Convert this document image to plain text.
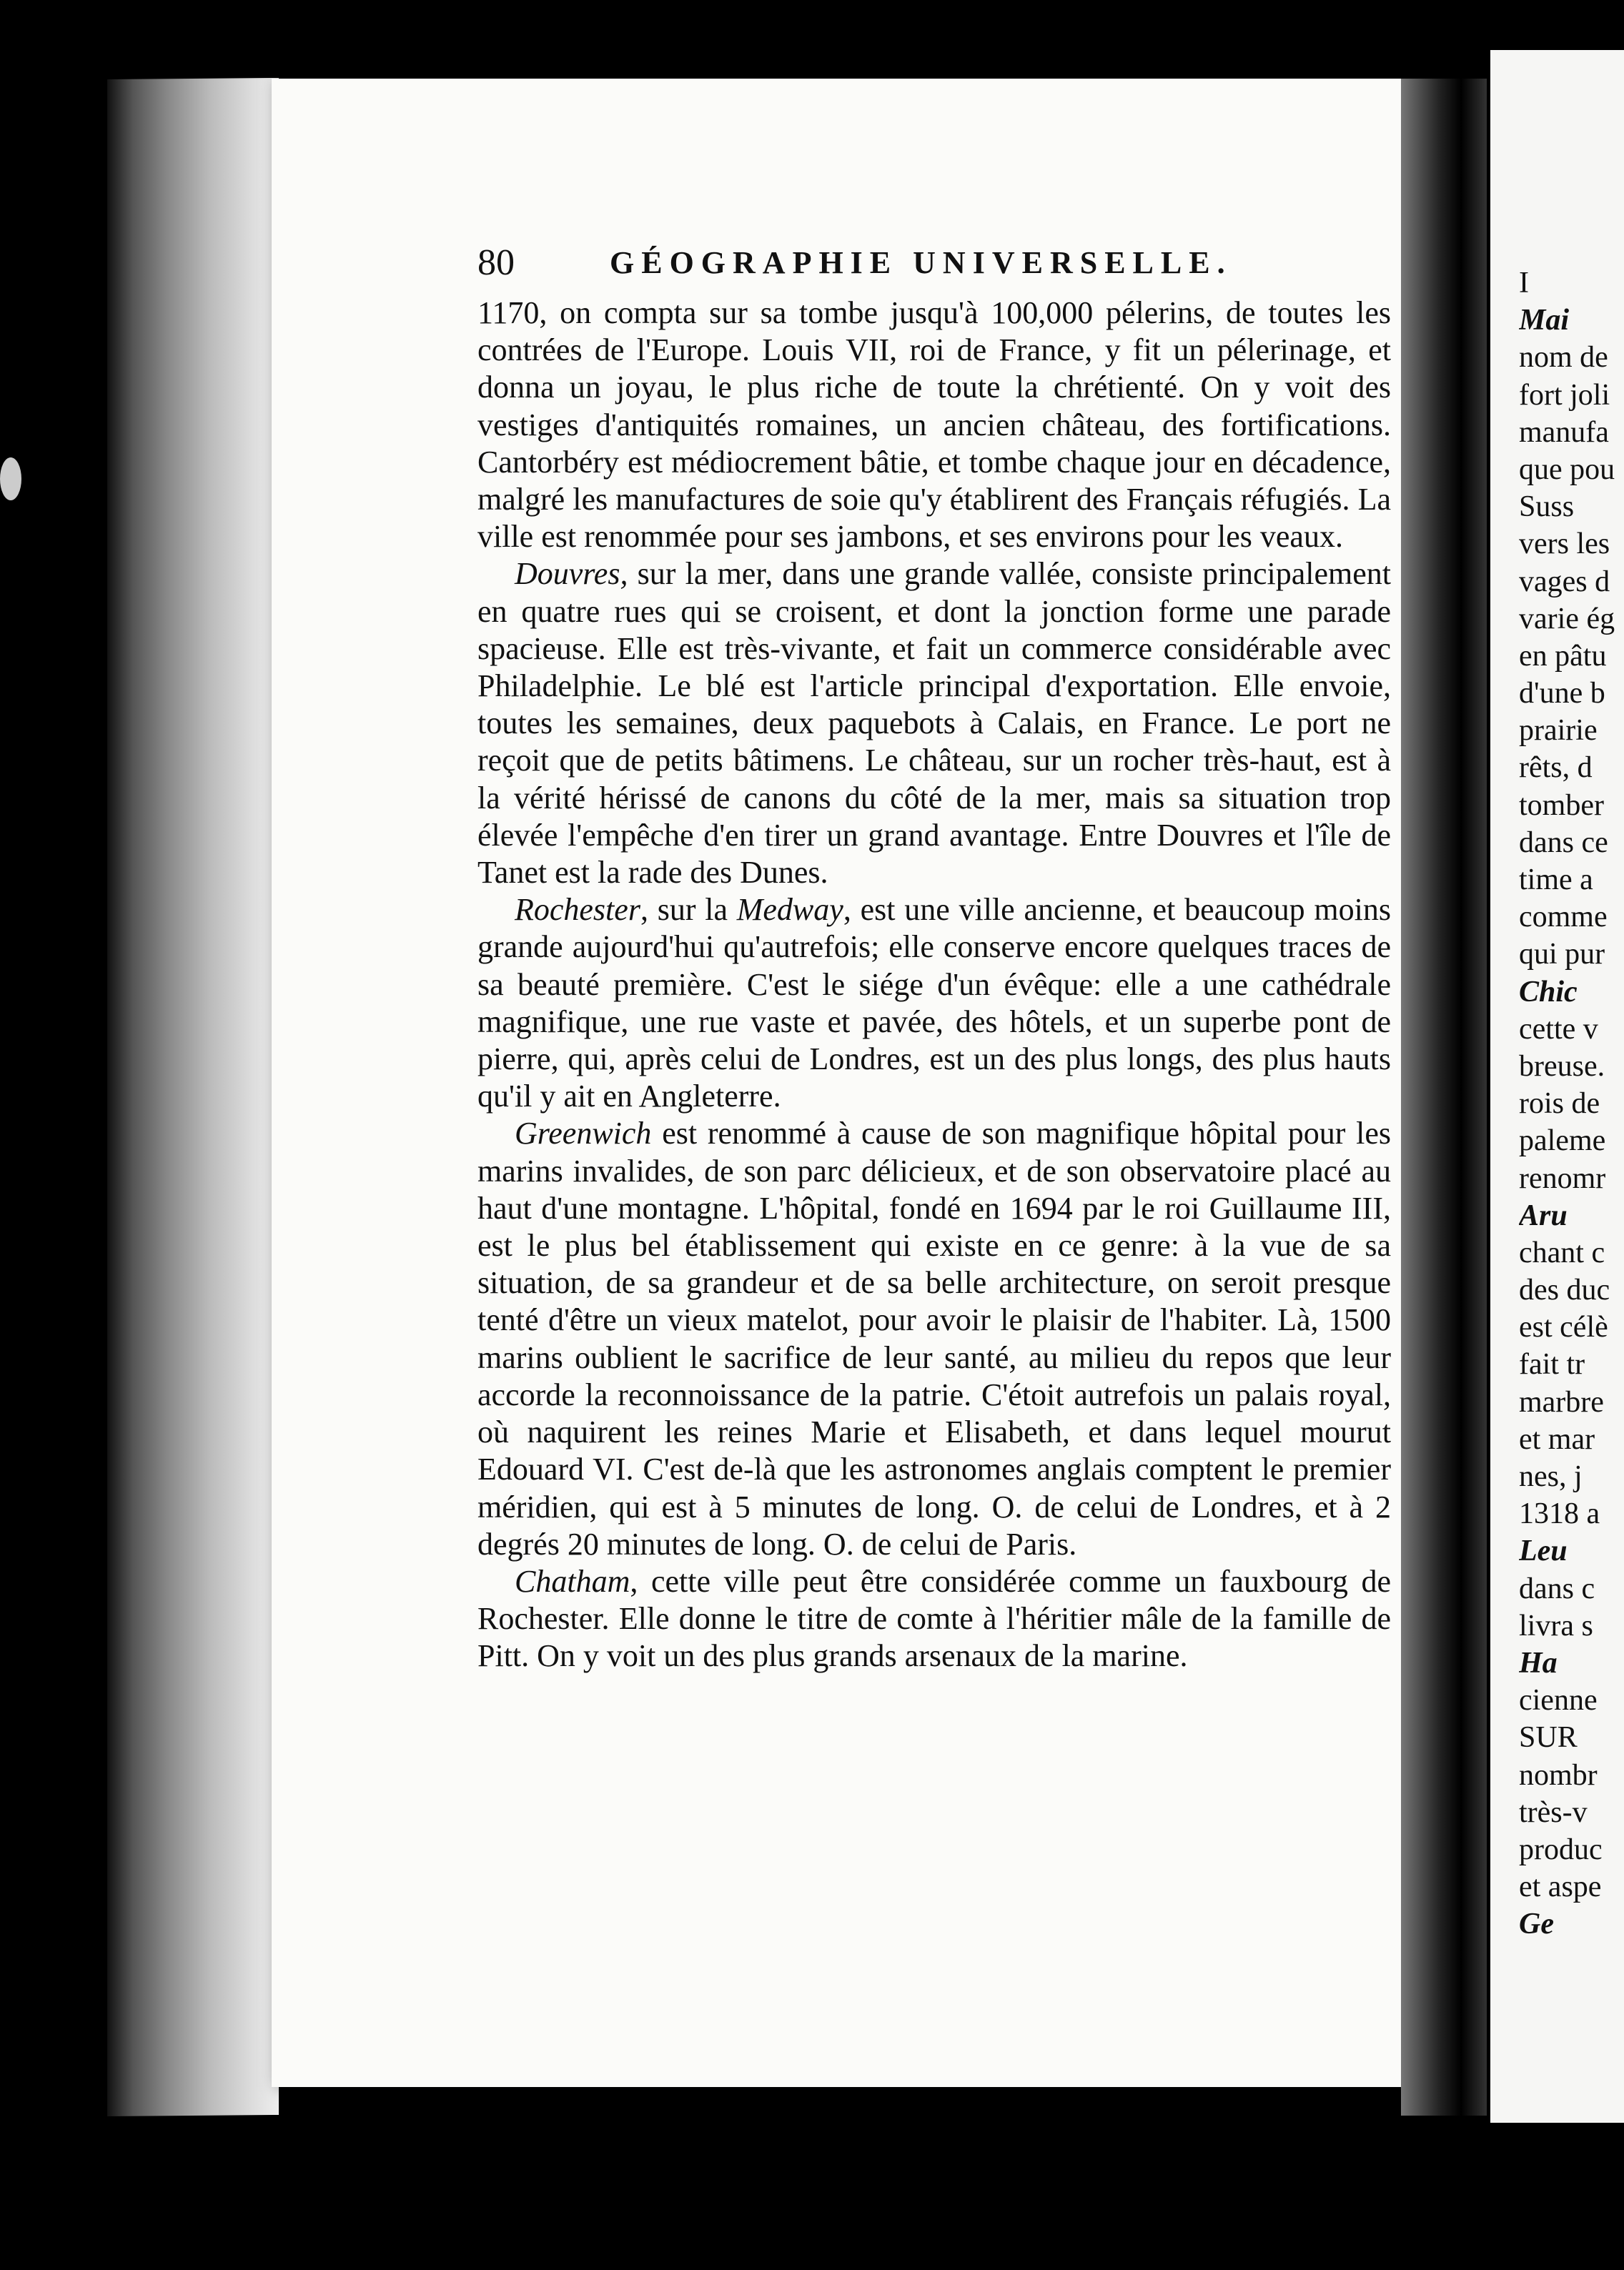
80	GÉOGRAPHIE UNIVERSELLE.

1170, on compta sur sa tombe jusqu'à 100,000 pélerins, de toutes les contrées de l'Europe. Louis VII, roi de France, y fit un pélerinage, et donna un joyau, le plus riche de toute la chrétienté. On y voit des vestiges d'antiquités romaines, un ancien château, des fortifications. Cantorbéry est médiocrement bâtie, et tombe chaque jour en décadence, malgré les manufactures de soie qu'y établirent des Français réfugiés. La ville est renommée pour ses jambons, et ses environs pour les veaux.

Douvres, sur la mer, dans une grande vallée, consiste principalement en quatre rues qui se croisent, et dont la jonction forme une parade spacieuse. Elle est très-vivante, et fait un commerce considérable avec Philadelphie. Le blé est l'article principal d'exportation. Elle envoie, toutes les semaines, deux paquebots à Calais, en France. Le port ne reçoit que de petits bâtimens. Le château, sur un rocher très-haut, est à la vérité hérissé de canons du côté de la mer, mais sa situation trop élevée l'empêche d'en tirer un grand avantage. Entre Douvres et l'île de Tanet est la rade des Dunes.

Rochester, sur la Medway, est une ville ancienne, et beaucoup moins grande aujourd'hui qu'autrefois; elle conserve encore quelques traces de sa beauté première. C'est le siége d'un évêque: elle a une cathédrale magnifique, une rue vaste et pavée, des hôtels, et un superbe pont de pierre, qui, après celui de Londres, est un des plus longs, des plus hauts qu'il y ait en Angleterre.

Greenwich est renommé à cause de son magnifique hôpital pour les marins invalides, de son parc délicieux, et de son observatoire placé au haut d'une montagne. L'hôpital, fondé en 1694 par le roi Guillaume III, est le plus bel établissement qui existe en ce genre: à la vue de sa situation, de sa grandeur et de sa belle architecture, on seroit presque tenté d'être un vieux matelot, pour avoir le plaisir de l'habiter. Là, 1500 marins oublient le sacrifice de leur santé, au milieu du repos que leur accorde la reconnoissance de la patrie. C'étoit autrefois un palais royal, où naquirent les reines Marie et Elisabeth, et dans lequel mourut Edouard VI. C'est de-là que les astronomes anglais comptent le premier méridien, qui est à 5 minutes de long. O. de celui de Londres, et à 2 degrés 20 minutes de long. O. de celui de Paris.

Chatham, cette ville peut être considérée comme un fauxbourg de Rochester. Elle donne le titre de comte à l'héritier mâle de la famille de Pitt. On y voit un des plus grands arsenaux de la marine.

I
Mai
nom de
fort joli
manufa
que pou
Suss
vers les
vages d
varie ég
en pâtu
d'une b
prairie
rêts, d
tomber
dans ce
time a
comme
qui pur
Chic
cette v
breuse.
rois de
paleme
renomr
Aru
chant c
des duc
est célè
fait tr
marbre
et mar
nes, j
1318 a
Leu
dans c
livra s
Ha
cienne
SUR
nombr
très-v
produc
et aspe
Ge
